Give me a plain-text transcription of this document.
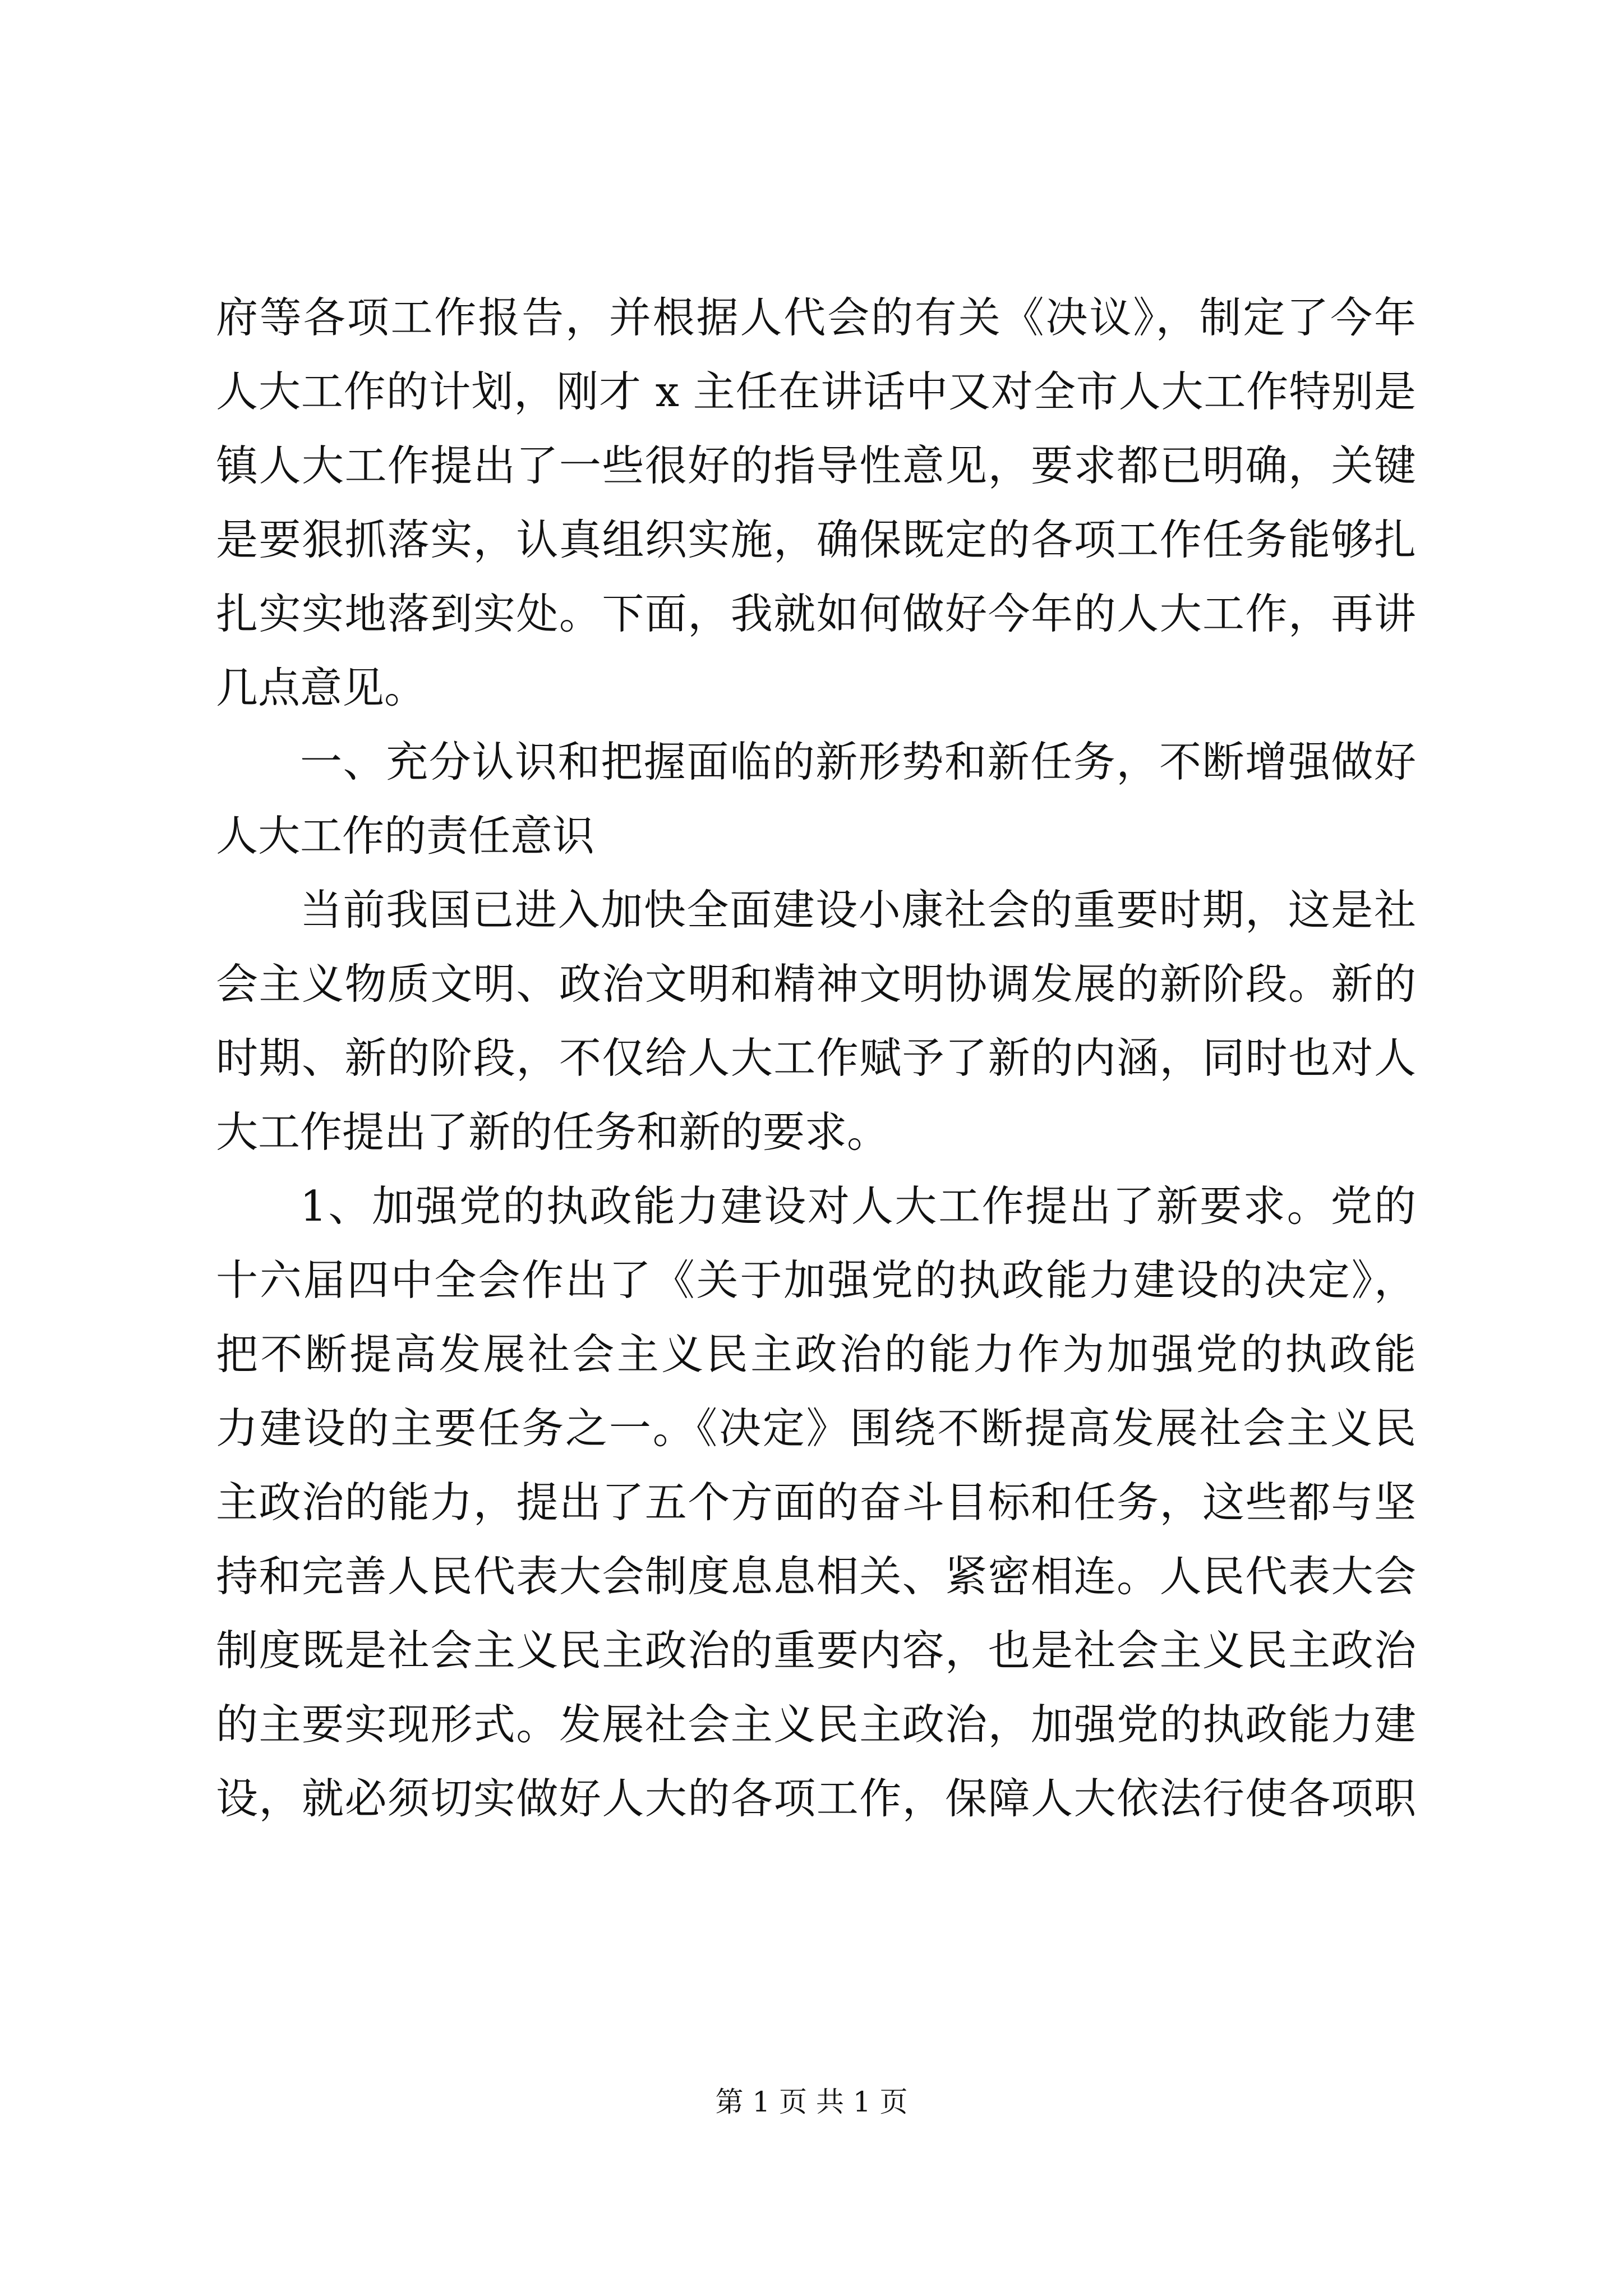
府等各项工作报告，并根据人代会的有关《决议》，制定了今年
人大工作的计划，刚才 x 主任在讲话中又对全市人大工作特别是
镇人大工作提出了一些很好的指导性意见，要求都已明确，关键
是要狠抓落实，认真组织实施，确保既定的各项工作任务能够扎
扎实实地落到实处。下面，我就如何做好今年的人大工作，再讲
几点意见。
一、充分认识和把握面临的新形势和新任务，不断增强做好
人大工作的责任意识
当前我国已进入加快全面建设小康社会的重要时期，这是社
会主义物质文明、政治文明和精神文明协调发展的新阶段。新的
时期、新的阶段，不仅给人大工作赋予了新的内涵，同时也对人
大工作提出了新的任务和新的要求。
1、加强党的执政能力建设对人大工作提出了新要求。党的
十六届四中全会作出了《关于加强党的执政能力建设的决定》，
把不断提高发展社会主义民主政治的能力作为加强党的执政能
力建设的主要任务之一。《决定》围绕不断提高发展社会主义民
主政治的能力，提出了五个方面的奋斗目标和任务，这些都与坚
持和完善人民代表大会制度息息相关、紧密相连。人民代表大会
制度既是社会主义民主政治的重要内容，也是社会主义民主政治
的主要实现形式。发展社会主义民主政治，加强党的执政能力建
设，就必须切实做好人大的各项工作，保障人大依法行使各项职
第 1 页 共 1 页
